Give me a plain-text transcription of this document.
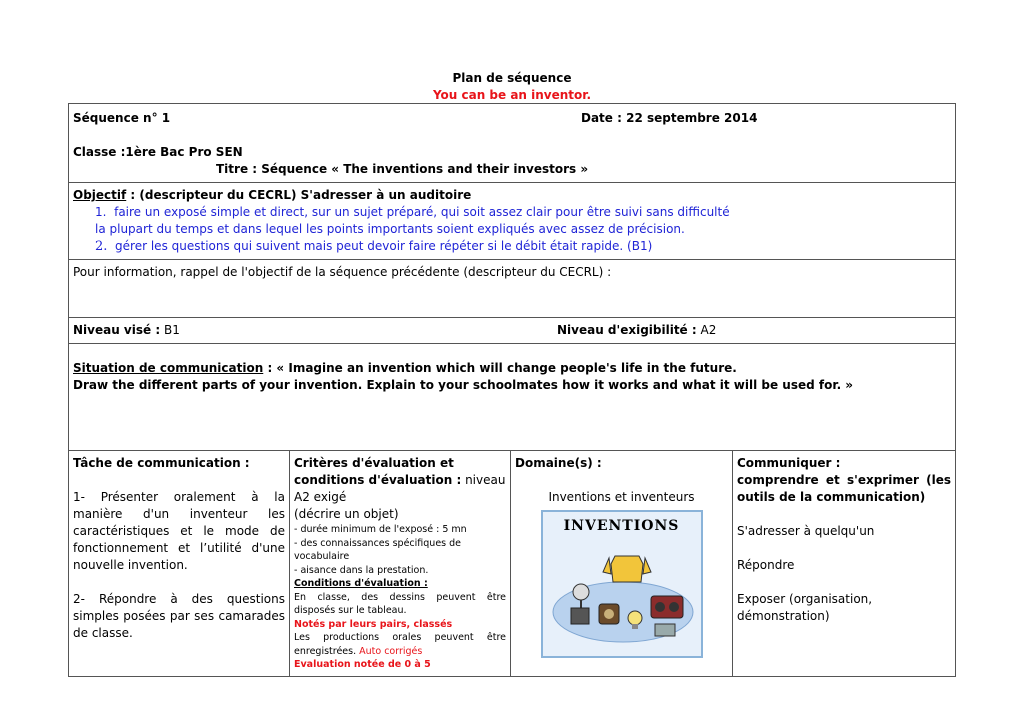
Plan de séquence
You can be an inventor.
Séquence n° 1	Date : 22 septembre 2014
Classe :1ère Bac Pro SEN
Titre : Séquence « The inventions and their investors »

Objectif : (descripteur du CECRL) S'adresser à un auditoire
1. faire un exposé simple et direct, sur un sujet préparé, qui soit assez clair pour être suivi sans difficulté
la plupart du temps et dans lequel les points importants soient expliqués avec assez de précision.
2. gérer les questions qui suivent mais peut devoir faire répéter si le débit était rapide. (B1)

Pour information, rappel de l'objectif de la séquence précédente (descripteur du CECRL) :

Niveau visé : B1	Niveau d'exigibilité : A2

Situation de communication : « Imagine an invention which will change people's life in the future.
Draw the different parts of your invention. Explain to your schoolmates how it works and what it will be used for. »

Tâche de communication :
1- Présenter oralement à la manière d'un inventeur les caractéristiques et le mode de fonctionnement et l’utilité d'une nouvelle invention.
2- Répondre à des questions simples posées par ses camarades de classe.

Critères d'évaluation et conditions d'évaluation : niveau A2 exigé
(décrire un objet)
- durée minimum de l'exposé : 5 mn
- des connaissances spécifiques de vocabulaire
- aisance dans la prestation.
Conditions d'évaluation :
En classe, des dessins peuvent être disposés sur le tableau.
Notés par leurs pairs, classés
Les productions orales peuvent être enregistrées. Auto corrigés
Evaluation notée de 0 à 5

Domaine(s) :
Inventions et inventeurs
INVENTIONS

Communiquer :
comprendre et s'exprimer (les outils de la communication)
S'adresser à quelqu'un
Répondre
Exposer (organisation, démonstration)
